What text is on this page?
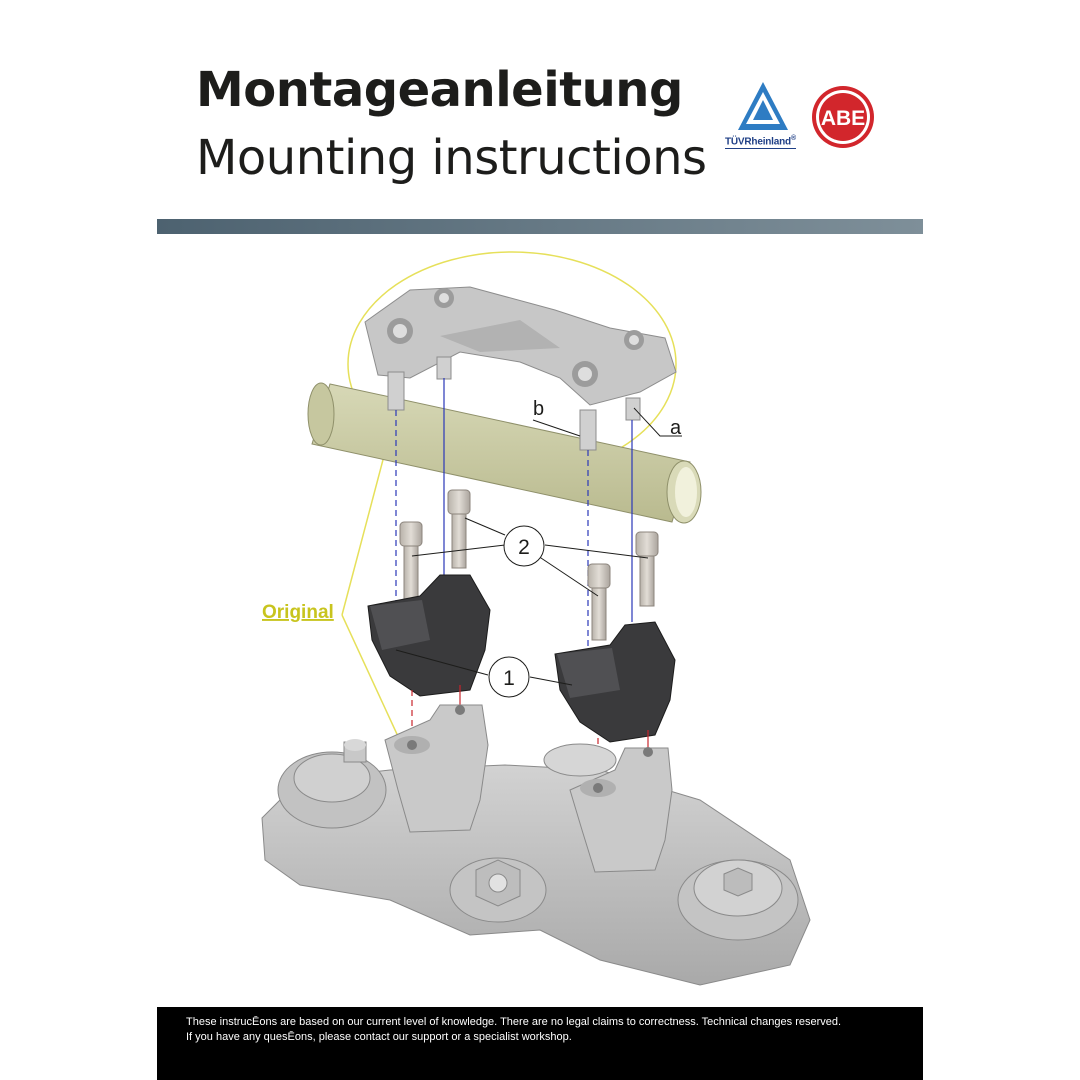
Montageanleitung
Mounting instructions TÜVRheinland®
ABE
2
1
b
a
Original
These instrucĒons are based on our current level of knowledge. There are no legal claims to correctness. Technical changes reserved.
If you have any quesĒons, please contact our support or a specialist workshop.
